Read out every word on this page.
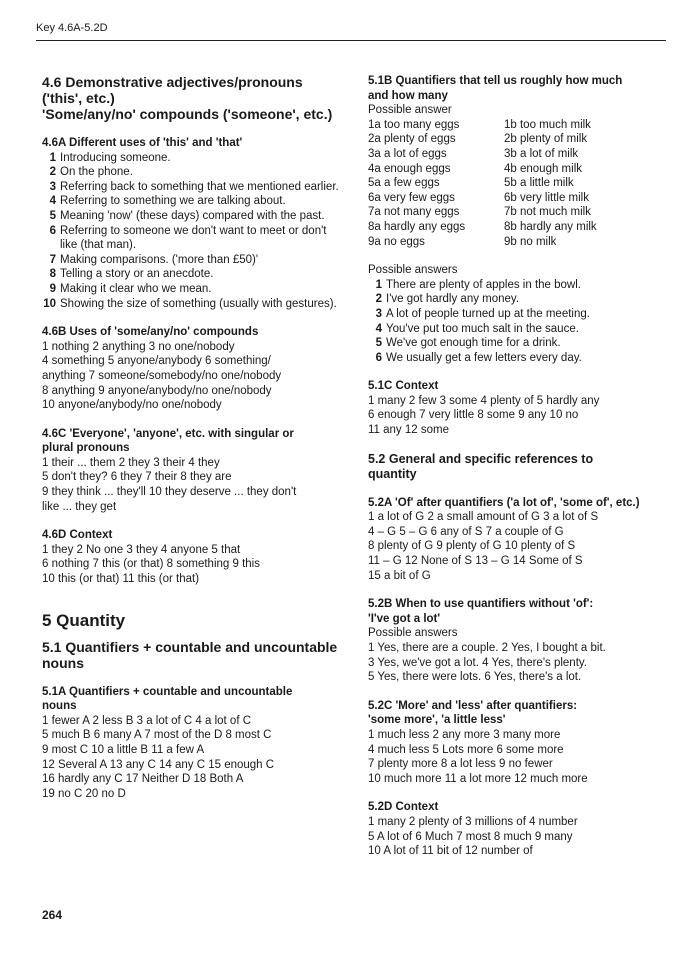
Key 4.6A-5.2D
4.6 Demonstrative adjectives/pronouns
('this', etc.)
'Some/any/no' compounds ('someone', etc.)

4.6A Different uses of 'this' and 'that'

1 Introducing someone.
2 On the phone.
3 Referring back to something that we mentioned earlier.
4 Referring to something we are talking about.
5 Meaning 'now' (these days) compared with the past.
6 Referring to someone we don't want to meet or don't like (that man).
7 Making comparisons. ('more than £50)'
8 Telling a story or an anecdote.
9 Making it clear who we mean.
10 Showing the size of something (usually with gestures).

4.6B Uses of 'some/any/no' compounds

1 nothing 2 anything 3 no one/nobody

4 something 5 anyone/anybody 6 something/

anything 7 someone/somebody/no one/nobody

8 anything 9 anyone/anybody/no one/nobody

10 anyone/anybody/no one/nobody

4.6C 'Everyone', 'anyone', etc. with singular or
plural pronouns

1 their ... them 2 they 3 their 4 they

5 don't they? 6 they 7 their 8 they are

9 they think ... they'll 10 they deserve ... they don't

like ... they get

4.6D Context

1 they 2 No one 3 they 4 anyone 5 that

6 nothing 7 this (or that) 8 something 9 this

10 this (or that) 11 this (or that)

5 Quantity
5.1 Quantifiers + countable and uncountable
nouns

5.1A Quantifiers + countable and uncountable
nouns

1 fewer A 2 less B 3 a lot of C 4 a lot of C

5 much B 6 many A 7 most of the D 8 most C

9 most C 10 a little B 11 a few A

12 Several A 13 any C 14 any C 15 enough C

16 hardly any C 17 Neither D 18 Both A

19 no C 20 no D

5.1B Quantifiers that tell us roughly how much
and how many

Possible answer

1a too many eggs	1b too much milk
2a plenty of eggs	2b plenty of milk
3a a lot of eggs	3b a lot of milk
4a enough eggs	4b enough milk
5a a few eggs	5b a little milk
6a very few eggs	6b very little milk
7a not many eggs	7b not much milk
8a hardly any eggs	8b hardly any milk
9a no eggs	9b no milk

Possible answers

1 There are plenty of apples in the bowl.
2 I've got hardly any money.
3 A lot of people turned up at the meeting.
4 You've put too much salt in the sauce.
5 We've got enough time for a drink.
6 We usually get a few letters every day.

5.1C Context

1 many 2 few 3 some 4 plenty of 5 hardly any

6 enough 7 very little 8 some 9 any 10 no

11 any 12 some

5.2 General and specific references to
quantity

5.2A 'Of' after quantifiers ('a lot of', 'some of', etc.)

1 a lot of G 2 a small amount of G 3 a lot of S

4 – G 5 – G 6 any of S 7 a couple of G

8 plenty of G 9 plenty of G 10 plenty of S

11 – G 12 None of S 13 – G 14 Some of S

15 a bit of G

5.2B When to use quantifiers without 'of':
'I've got a lot'

Possible answers

1 Yes, there are a couple. 2 Yes, I bought a bit.

3 Yes, we've got a lot. 4 Yes, there's plenty.

5 Yes, there were lots. 6 Yes, there's a lot.

5.2C 'More' and 'less' after quantifiers:
'some more', 'a little less'

1 much less 2 any more 3 many more

4 much less 5 Lots more 6 some more

7 plenty more 8 a lot less 9 no fewer

10 much more 11 a lot more 12 much more

5.2D Context

1 many 2 plenty of 3 millions of 4 number

5 A lot of 6 Much 7 most 8 much 9 many

10 A lot of 11 bit of 12 number of

264
